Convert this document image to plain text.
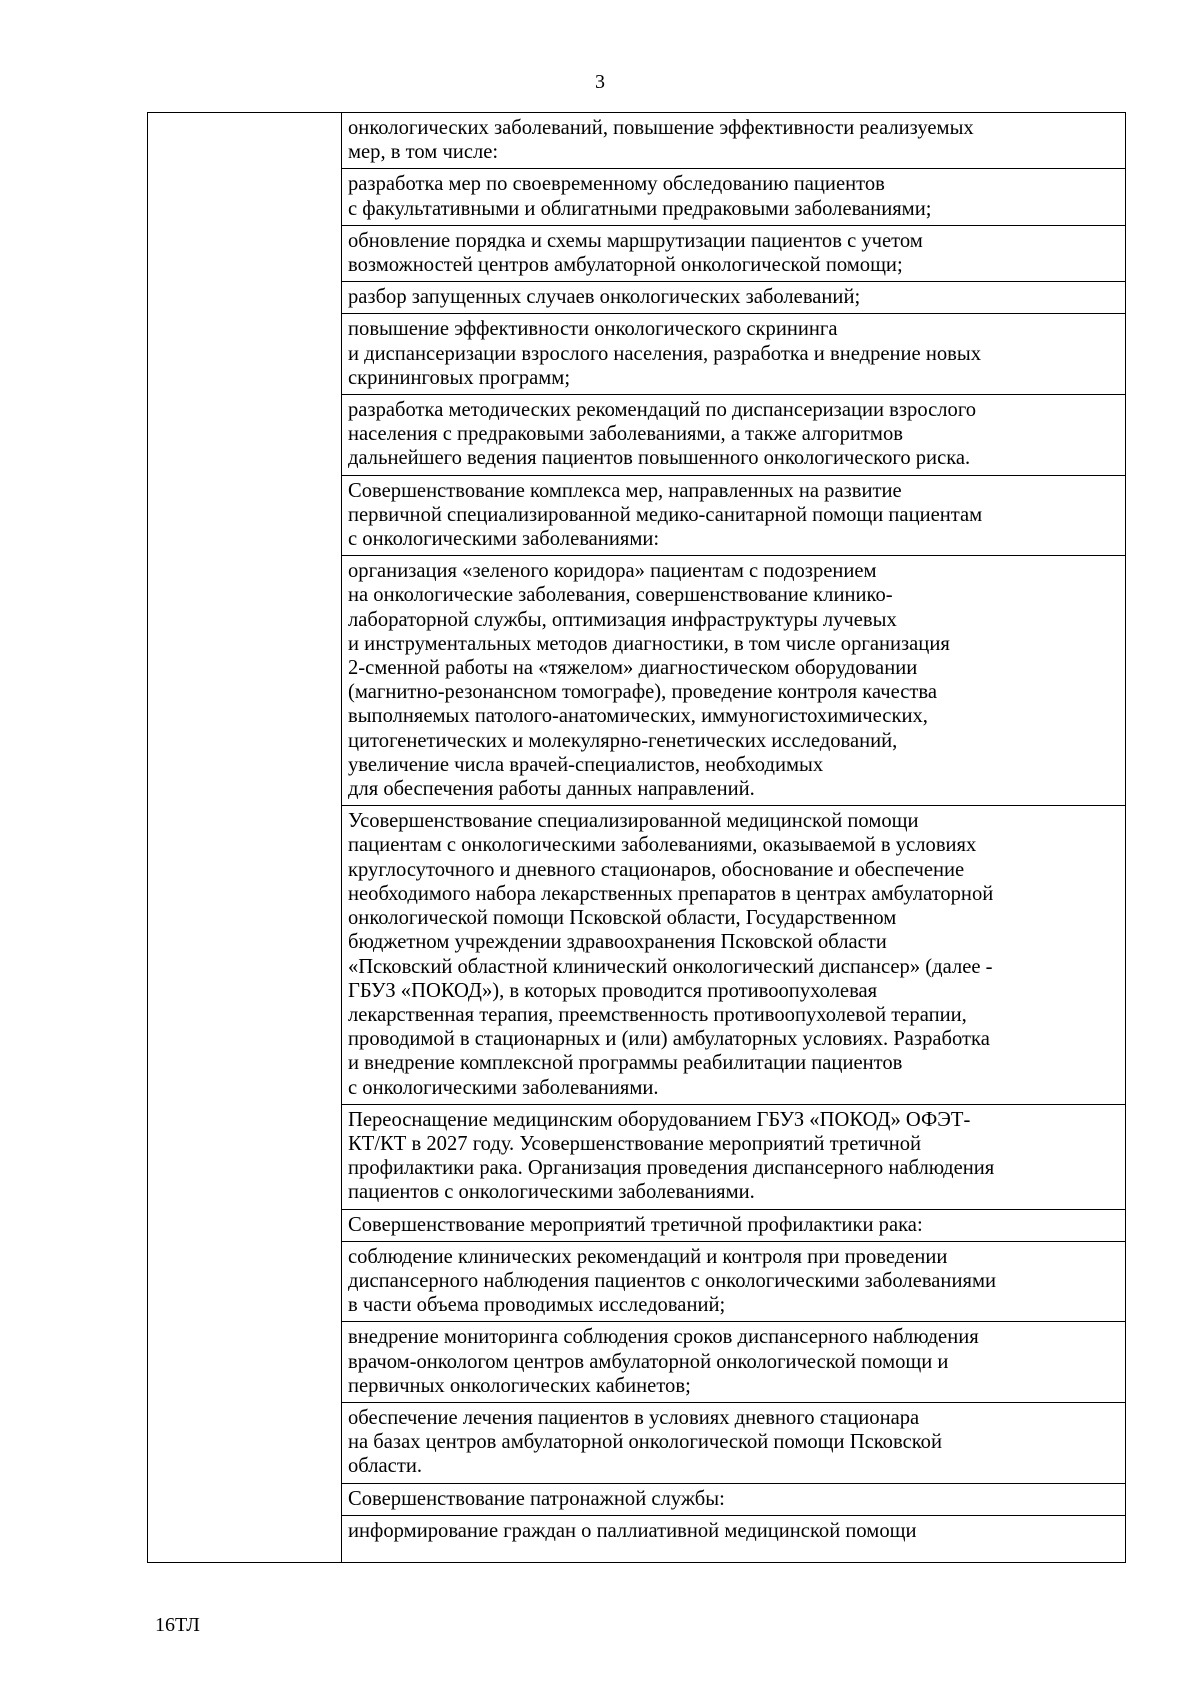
3
онкологических заболеваний, повышение эффективности реализуемых
мер, в том числе:
разработка мер по своевременному обследованию пациентов
с факультативными и облигатными предраковыми заболеваниями;
обновление порядка и схемы маршрутизации пациентов с учетом
возможностей центров амбулаторной онкологической помощи;
разбор запущенных случаев онкологических заболеваний;
повышение эффективности онкологического скрининга
и диспансеризации взрослого населения, разработка и внедрение новых
скрининговых программ;
разработка методических рекомендаций по диспансеризации взрослого
населения с предраковыми заболеваниями, а также алгоритмов
дальнейшего ведения пациентов повышенного онкологического риска.
Совершенствование комплекса мер, направленных на развитие
первичной специализированной медико-санитарной помощи пациентам
с онкологическими заболеваниями:
организация «зеленого коридора» пациентам с подозрением
на онкологические заболевания, совершенствование клинико-
лабораторной службы, оптимизация инфраструктуры лучевых
и инструментальных методов диагностики, в том числе организация
2-сменной работы на «тяжелом» диагностическом оборудовании
(магнитно-резонансном томографе), проведение контроля качества
выполняемых патолого-анатомических, иммуногистохимических,
цитогенетических и молекулярно-генетических исследований,
увеличение числа врачей-специалистов, необходимых
для обеспечения работы данных направлений.
Усовершенствование специализированной медицинской помощи
пациентам с онкологическими заболеваниями, оказываемой в условиях
круглосуточного и дневного стационаров, обоснование и обеспечение
необходимого набора лекарственных препаратов в центрах амбулаторной
онкологической помощи Псковской области, Государственном
бюджетном учреждении здравоохранения Псковской области
«Псковский областной клинический онкологический диспансер» (далее -
ГБУЗ «ПОКОД»), в которых проводится противоопухолевая
лекарственная терапия, преемственность противоопухолевой терапии,
проводимой в стационарных и (или) амбулаторных условиях. Разработка
и внедрение комплексной программы реабилитации пациентов
с онкологическими заболеваниями.
Переоснащение медицинским оборудованием ГБУЗ «ПОКОД» ОФЭТ-
КТ/КТ в 2027 году. Усовершенствование мероприятий третичной
профилактики рака. Организация проведения диспансерного наблюдения
пациентов с онкологическими заболеваниями.
Совершенствование мероприятий третичной профилактики рака:
соблюдение клинических рекомендаций и контроля при проведении
диспансерного наблюдения пациентов с онкологическими заболеваниями
в части объема проводимых исследований;
внедрение мониторинга соблюдения сроков диспансерного наблюдения
врачом-онкологом центров амбулаторной онкологической помощи и
первичных онкологических кабинетов;
обеспечение лечения пациентов в условиях дневного стационара
на базах центров амбулаторной онкологической помощи Псковской
области.
Совершенствование патронажной службы:
информирование граждан о паллиативной медицинской помощи
16ТЛ
